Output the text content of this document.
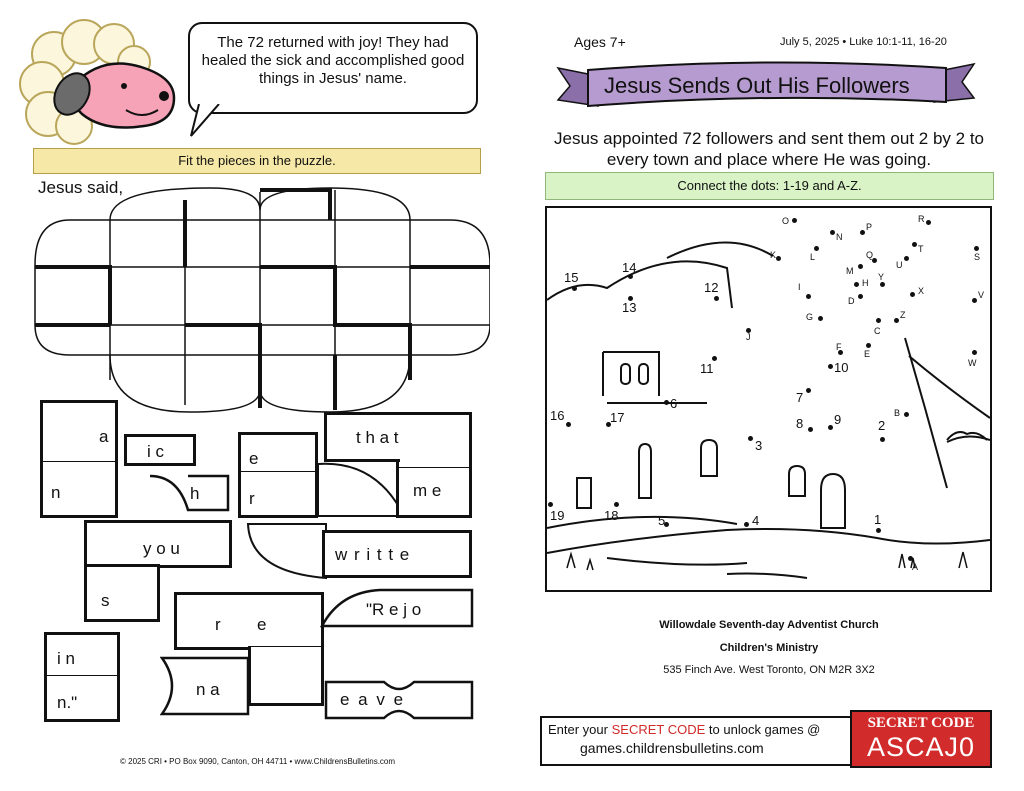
The 72 returned with joy! They had healed the sick and accomplished good things in Jesus' name.
Fit the pieces in the puzzle.
Jesus said,
a
n
i c
h
e
r	m e
t h a t
y o u
s
w r i t t e
r e
"R e j o
i n
n."
n a
e a v e
© 2025 CRI • PO Box 9090, Canton, OH 44711 • www.ChildrensBulletins.com
Ages 7+	July 5, 2025 • Luke 10:1-11, 16-20
Jesus Sends Out His Followers
Jesus appointed 72 followers and sent them out 2 by 2 to every town and place where He was going.
Connect the dots: 1-19 and A-Z.
1
2
3
4
5
6	7
8 9
10
11
12
13
14
15
16	17
18
19
A
B
C
D
E
F
G
H
I
J
K	L
M
N
O
P
Q
R
S
T
U
V
W
X
Y
Z
Willowdale Seventh-day Adventist Church
Children's Ministry
535 Finch Ave. West Toronto, ON M2R 3X2
Enter your SECRET CODE to unlock games @
games.childrensbulletins.com
SECRET CODE
ASCAJ0
